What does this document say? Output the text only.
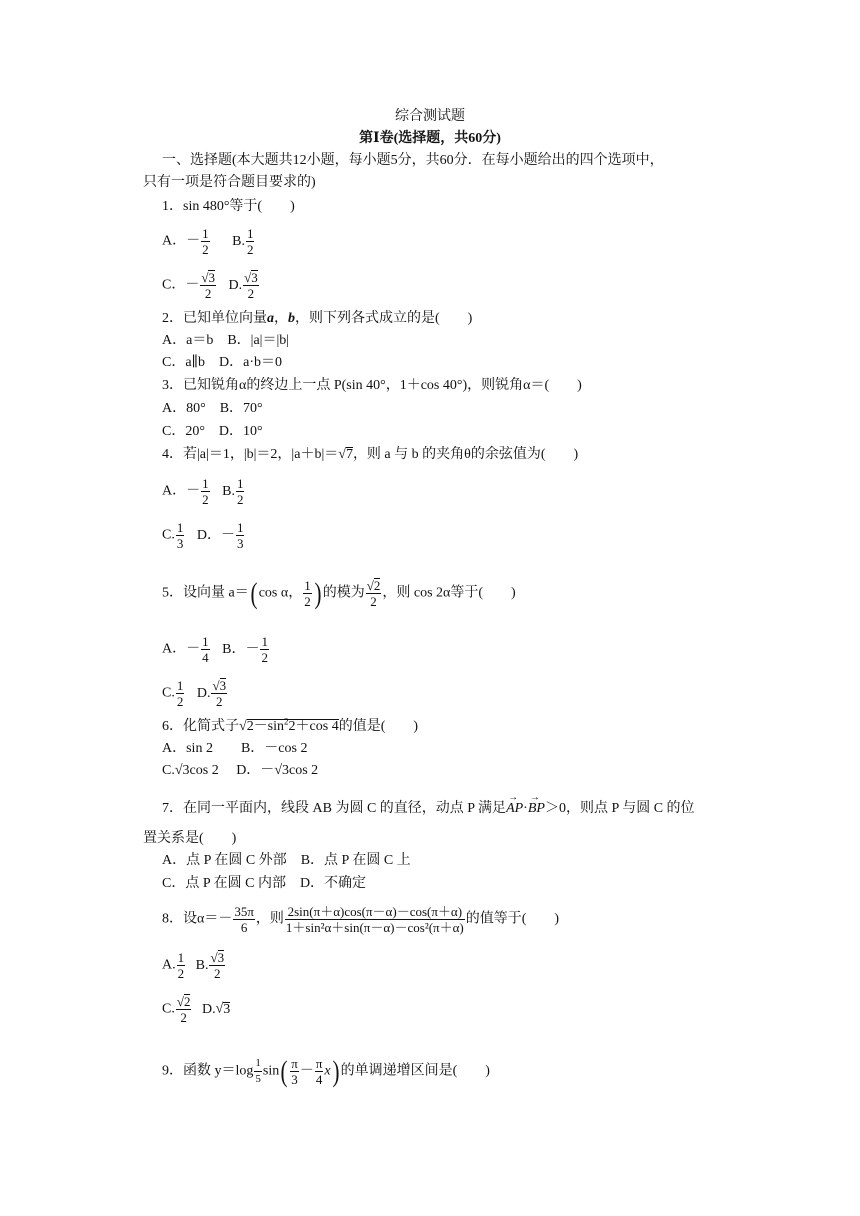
综合测试题
第Ⅰ卷(选择题，共60分)
一、选择题(本大题共12小题，每小题5分，共60分．在每小题给出的四个选项中，
只有一项是符合题目要求的)
1．sin 480°等于(　　)
A．－ $\frac{1}{2} B$. $\frac{1}{2}$
C．－ $\frac{√3}{2} D$. $\frac{√3}{2}$
2．已知单位向量a，b，则下列各式成立的是(　　)
A．a＝b　B．|a|＝|b|
C．a∥b　D．a·b＝0
3．已知锐角α的终边上一点 P(sin 40°，1＋cos 40°)，则锐角α＝(　　)
A．80°　B．70°
C．20°　D．10°
4．若|a|＝1，|b|＝2，|a＋b|＝√7，则 a 与 b 的夹角θ的余弦值为(　　)
A．－ $\frac{1}{2} B$. $\frac{1}{2}$
C. $\frac{1}{3}$ D．－ $\frac{1}{3}$
5．设向量 a＝( cos α， $\frac{1}{2}$ ) 的模为 $\frac{√2}{2}$ ，则 cos 2α等于(　　)
A．－ $\frac{1}{4}$ B．－ $\frac{1}{2}$
C. $\frac{1}{2} D$. $\frac{√3}{2}$
6．化简式子$√2-\sin^22+\cos$ 4的值是(　　)
A．sin 2　　B．－cos 2
C.√3cos 2　 D．－√3cos 2
7．在同一平面内，线段 AB 为圆 C 的直径，动点 P 满足→ AP·→ BP＞0，则点 P 与圆 C 的位
置关系是(　　)
A．点 P 在圆 C 外部　B．点 P 在圆 C 上
C．点 P 在圆 C 内部　D．不确定
8．设$\alpha=- \frac{35\pi}{6}$ ，则 $\frac{2\sin(\pi+\alpha)\cos(\pi-\alpha)-\cos(\pi+\alpha)}{\text{1＋sin²α＋sin(π－α)－cos²(π＋α)}}$ 的值等于(　　)
A. $\frac{1}{2} B$. $\frac{√3}{2}$
C. $\frac{√2}{2} D.√3$
9．函数 $y=\log \frac{1}{5} \sin( \frac{\pi}{3} - \frac{\pi}{4} x)$ 的单调递增区间是(　　)
